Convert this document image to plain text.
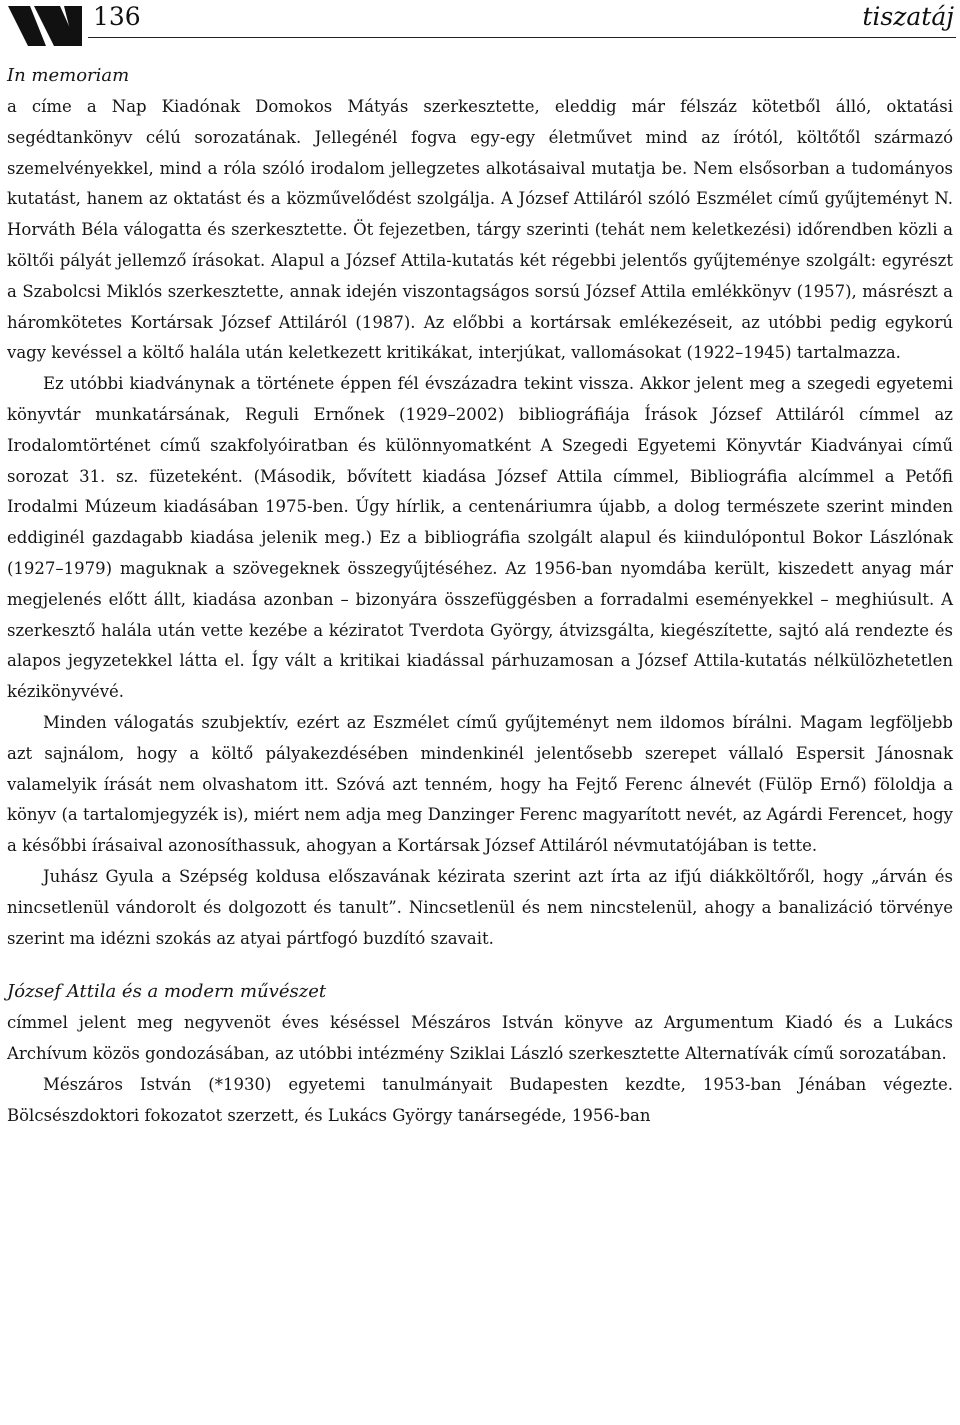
136	tiszatáj
In memoriam

a címe a Nap Kiadónak Domokos Mátyás szerkesztette, eleddig már félszáz kötetből álló, oktatási segédtankönyv célú sorozatának. Jellegénél fogva egy-egy életművet mind az írótól, költőtől származó szemelvényekkel, mind a róla szóló irodalom jellegzetes alkotásaival mutatja be. Nem elsősorban a tudományos kutatást, hanem az oktatást és a közművelődést szolgálja. A József Attiláról szóló Eszmélet című gyűjteményt N. Horváth Béla válogatta és szerkesztette. Öt fejezetben, tárgy szerinti (tehát nem keletkezési) időrendben közli a költői pályát jellemző írásokat. Alapul a József Attila-kutatás két régebbi jelentős gyűjteménye szolgált: egyrészt a Szabolcsi Miklós szerkesztette, annak idején viszontagságos sorsú József Attila emlékkönyv (1957), másrészt a háromkötetes Kortársak József Attiláról (1987). Az előbbi a kortársak emlékezéseit, az utóbbi pedig egykorú vagy kevéssel a költő halála után keletkezett kritikákat, interjúkat, vallomásokat (1922–1945) tartalmazza.

Ez utóbbi kiadványnak a története éppen fél évszázadra tekint vissza. Akkor jelent meg a szegedi egyetemi könyvtár munkatársának, Reguli Ernőnek (1929–2002) bibliográfiája Írások József Attiláról címmel az Irodalomtörténet című szakfolyóiratban és különnyomatként A Szegedi Egyetemi Könyvtár Kiadványai című sorozat 31. sz. füzeteként. (Második, bővített kiadása József Attila címmel, Bibliográfia alcímmel a Petőfi Irodalmi Múzeum kiadásában 1975-ben. Úgy hírlik, a centenáriumra újabb, a dolog természete szerint minden eddiginél gazdagabb kiadása jelenik meg.) Ez a bibliográfia szolgált alapul és kiindulópontul Bokor Lászlónak (1927–1979) maguknak a szövegeknek összegyűjtéséhez. Az 1956-ban nyomdába került, kiszedett anyag már megjelenés előtt állt, kiadása azonban – bizonyára összefüggésben a forradalmi eseményekkel – meghiúsult. A szerkesztő halála után vette kezébe a kéziratot Tverdota György, átvizsgálta, kiegészítette, sajtó alá rendezte és alapos jegyzetekkel látta el. Így vált a kritikai kiadással párhuzamosan a József Attila-kutatás nélkülözhetetlen kézikönyvévé.

Minden válogatás szubjektív, ezért az Eszmélet című gyűjteményt nem ildomos bírálni. Magam legföljebb azt sajnálom, hogy a költő pályakezdésében mindenkinél jelentősebb szerepet vállaló Espersit Jánosnak valamelyik írását nem olvashatom itt. Szóvá azt tenném, hogy ha Fejtő Ferenc álnevét (Fülöp Ernő) föloldja a könyv (a tartalomjegyzék is), miért nem adja meg Danzinger Ferenc magyarított nevét, az Agárdi Ferencet, hogy a későbbi írásaival azonosíthassuk, ahogyan a Kortársak József Attiláról névmutatójában is tette.

Juhász Gyula a Szépség koldusa előszavának kézirata szerint azt írta az ifjú diákköltőről, hogy „árván és nincsetlenül vándorolt és dolgozott és tanult”. Nincsetlenül és nem nincstelenül, ahogy a banalizáció törvénye szerint ma idézni szokás az atyai pártfogó buzdító szavait.

József Attila és a modern művészet

címmel jelent meg negyvenöt éves késéssel Mészáros István könyve az Argumentum Kiadó és a Lukács Archívum közös gondozásában, az utóbbi intézmény Sziklai László szerkesztette Alternatívák című sorozatában.

Mészáros István (*1930) egyetemi tanulmányait Budapesten kezdte, 1953-ban Jénában végezte. Bölcsészdoktori fokozatot szerzett, és Lukács György tanársegéde, 1956-ban
